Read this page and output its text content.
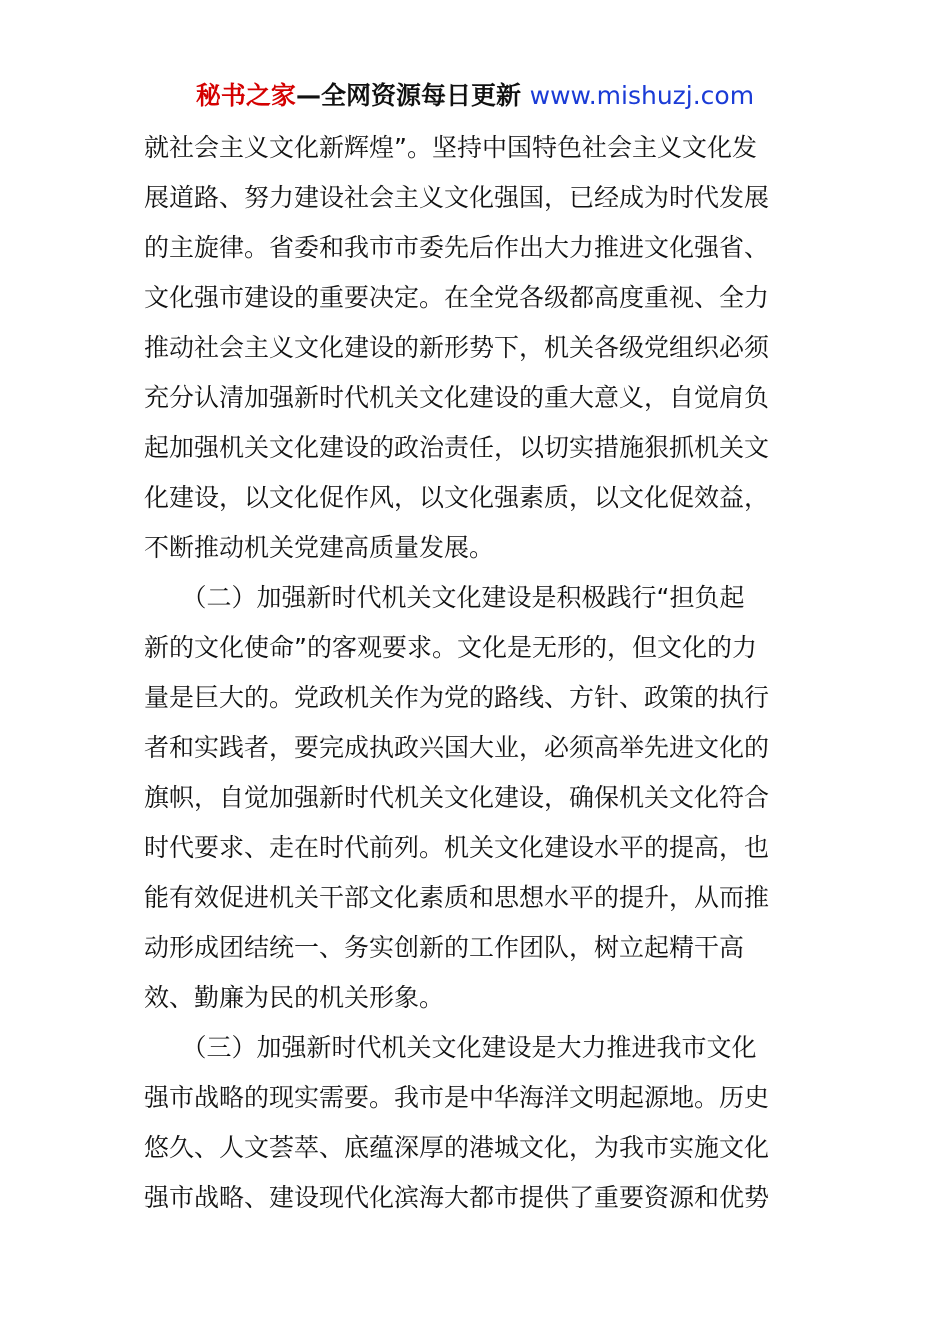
秘书之家—全网资源每日更新 www.mishuzj.com
就社会主义文化新辉煌”。坚持中国特色社会主义文化发
展道路、努力建设社会主义文化强国，已经成为时代发展
的主旋律。省委和我市市委先后作出大力推进文化强省、
文化强市建设的重要决定。在全党各级都高度重视、全力
推动社会主义文化建设的新形势下，机关各级党组织必须
充分认清加强新时代机关文化建设的重大意义，自觉肩负
起加强机关文化建设的政治责任，以切实措施狠抓机关文
化建设，以文化促作风，以文化强素质，以文化促效益，
不断推动机关党建高质量发展。
　　（二）加强新时代机关文化建设是积极践行“担负起
新的文化使命”的客观要求。文化是无形的，但文化的力
量是巨大的。党政机关作为党的路线、方针、政策的执行
者和实践者，要完成执政兴国大业，必须高举先进文化的
旗帜，自觉加强新时代机关文化建设，确保机关文化符合
时代要求、走在时代前列。机关文化建设水平的提高，也
能有效促进机关干部文化素质和思想水平的提升，从而推
动形成团结统一、务实创新的工作团队，树立起精干高
效、勤廉为民的机关形象。
　　（三）加强新时代机关文化建设是大力推进我市文化
强市战略的现实需要。我市是中华海洋文明起源地。历史
悠久、人文荟萃、底蕴深厚的港城文化，为我市实施文化
强市战略、建设现代化滨海大都市提供了重要资源和优势
